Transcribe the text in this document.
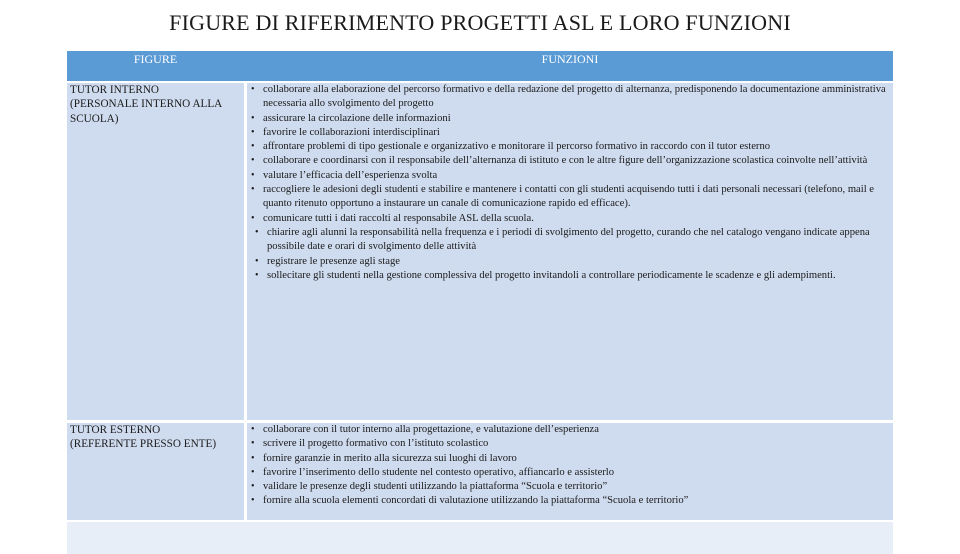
FIGURE DI RIFERIMENTO PROGETTI ASL E LORO FUNZIONI
FIGURE	FUNZIONI
TUTOR INTERNO
(PERSONALE INTERNO ALLA SCUOLA)
• collaborare alla elaborazione del percorso formativo e della redazione del progetto di alternanza, predisponendo la documentazione amministrativa necessaria allo svolgimento del progetto
• assicurare la circolazione delle informazioni
• favorire le collaborazioni interdisciplinari
• affrontare problemi di tipo gestionale e organizzativo e monitorare il percorso formativo in raccordo con il tutor esterno
• collaborare e coordinarsi con il responsabile dell’alternanza di istituto e con le altre figure dell’organizzazione scolastica coinvolte nell’attività
• valutare l’efficacia dell’esperienza svolta
• raccogliere le adesioni degli studenti e stabilire e mantenere i contatti con gli studenti acquisendo tutti i dati personali necessari (telefono, mail e quanto ritenuto opportuno a instaurare un canale di comunicazione rapido ed efficace).
• comunicare tutti i dati raccolti al responsabile ASL della scuola.
• chiarire agli alunni la responsabilità nella frequenza e i periodi di svolgimento del progetto, curando che nel catalogo vengano indicate appena possibile date e orari di svolgimento delle attività
• registrare le presenze agli stage
• sollecitare gli studenti nella gestione complessiva del progetto invitandoli a controllare periodicamente le scadenze e gli adempimenti.
TUTOR ESTERNO
(REFERENTE PRESSO ENTE)
• collaborare con il tutor interno alla progettazione, e valutazione dell’esperienza
• scrivere il progetto formativo con l’istituto scolastico
• fornire garanzie in merito alla sicurezza sui luoghi di lavoro
• favorire l’inserimento dello studente nel contesto operativo, affiancarlo e assisterlo
• validare le presenze degli studenti utilizzando la piattaforma “Scuola e territorio”
• fornire alla scuola elementi concordati di valutazione utilizzando la piattaforma “Scuola e territorio”
